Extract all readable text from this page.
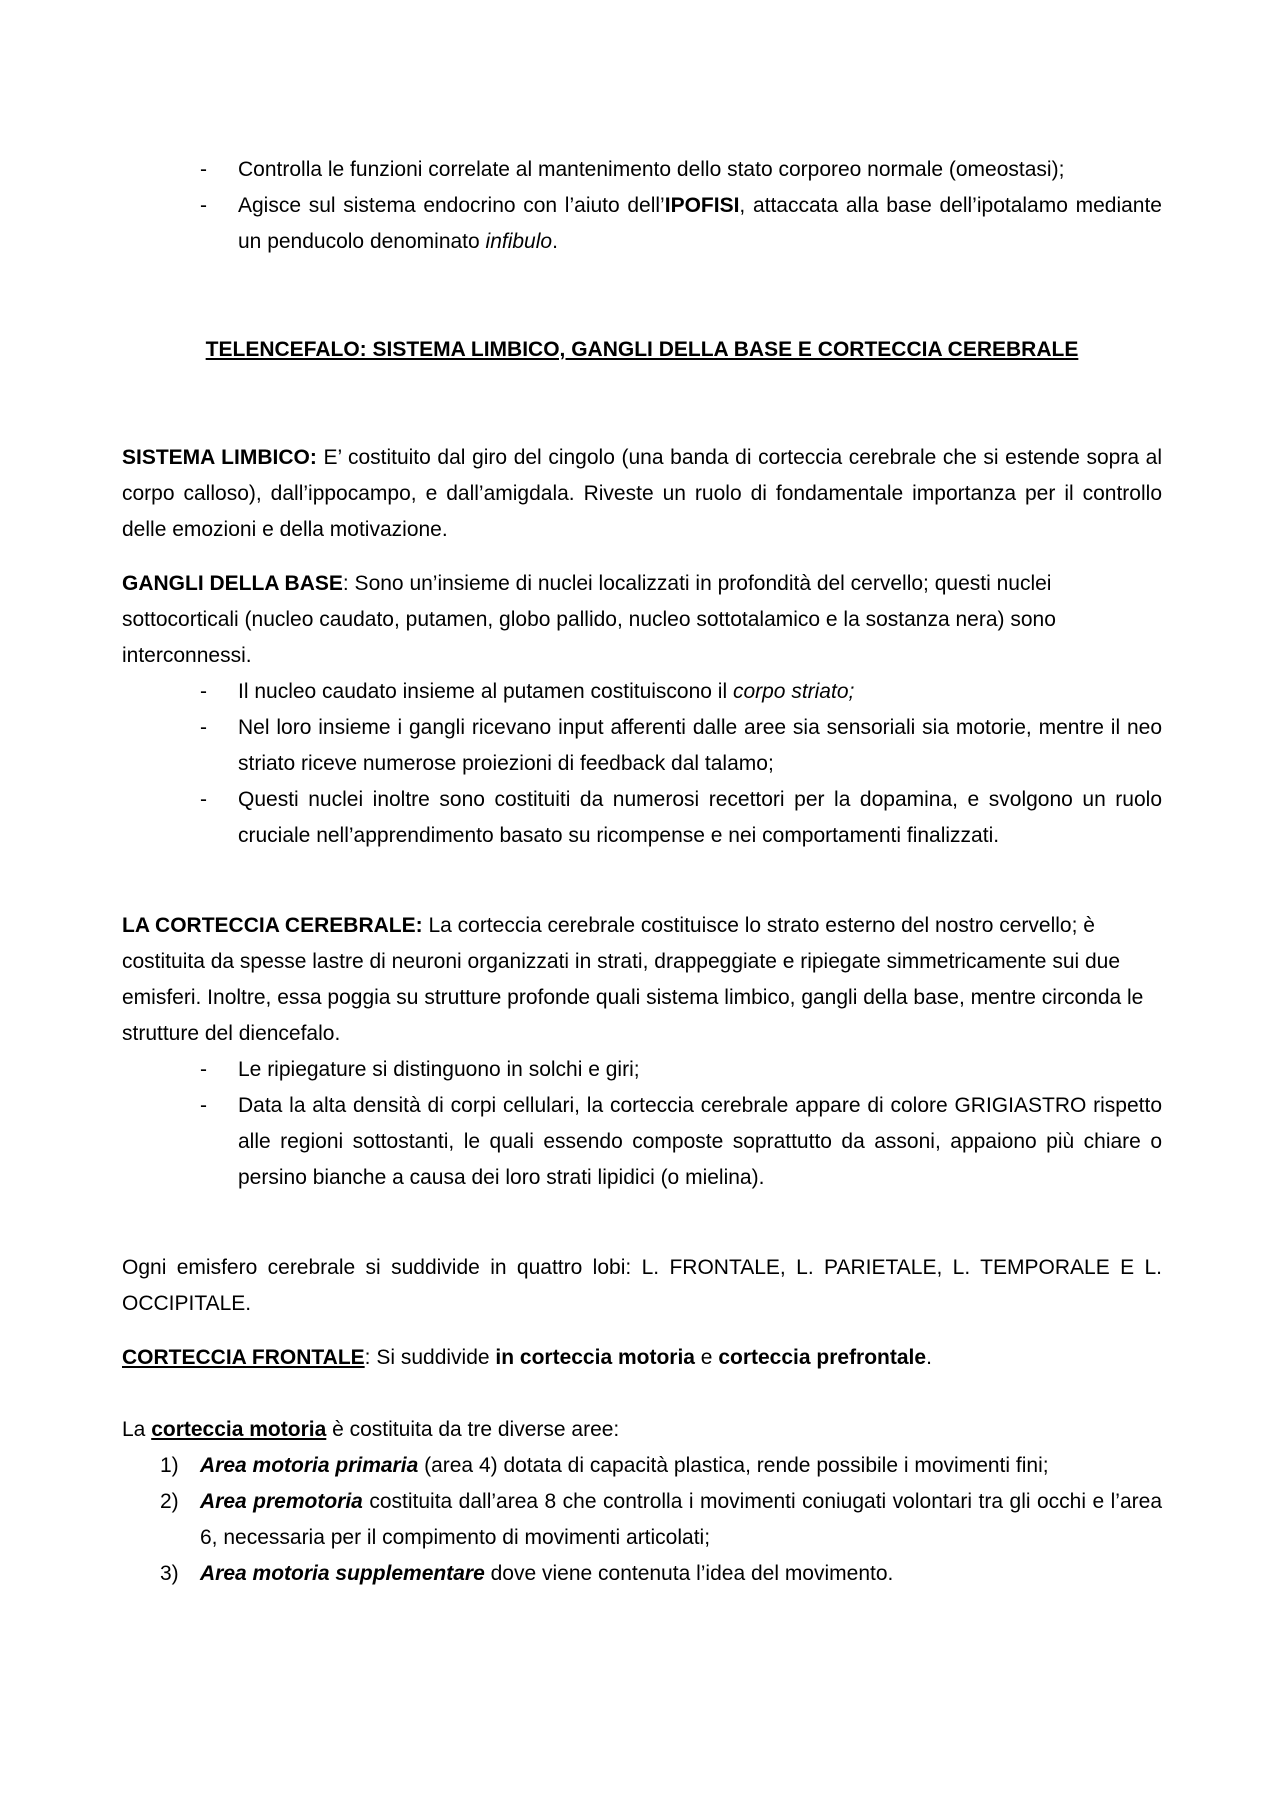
- Controlla le funzioni correlate al mantenimento dello stato corporeo normale (omeostasi);
- Agisce sul sistema endocrino con l’aiuto dell’IPOFISI, attaccata alla base dell’ipotalamo mediante un penducolo denominato infibulo.
TELENCEFALO: SISTEMA LIMBICO, GANGLI DELLA BASE E CORTECCIA CEREBRALE

SISTEMA LIMBICO: E’ costituito dal giro del cingolo (una banda di corteccia cerebrale che si estende sopra al corpo calloso), dall’ippocampo, e dall’amigdala. Riveste un ruolo di fondamentale importanza per il controllo delle emozioni e della motivazione.

GANGLI DELLA BASE: Sono un’insieme di nuclei localizzati in profondità del cervello; questi nuclei sottocorticali (nucleo caudato, putamen, globo pallido, nucleo sottotalamico e la sostanza nera) sono interconnessi.

- Il nucleo caudato insieme al putamen costituiscono il corpo striato;
- Nel loro insieme i gangli ricevano input afferenti dalle aree sia sensoriali sia motorie, mentre il neo striato riceve numerose proiezioni di feedback dal talamo;
- Questi nuclei inoltre sono costituiti da numerosi recettori per la dopamina, e svolgono un ruolo cruciale nell’apprendimento basato su ricompense e nei comportamenti finalizzati.

LA CORTECCIA CEREBRALE: La corteccia cerebrale costituisce lo strato esterno del nostro cervello; è costituita da spesse lastre di neuroni organizzati in strati, drappeggiate e ripiegate simmetricamente sui due emisferi. Inoltre, essa poggia su strutture profonde quali sistema limbico, gangli della base, mentre circonda le strutture del diencefalo.

- Le ripiegature si distinguono in solchi e giri;
- Data la alta densità di corpi cellulari, la corteccia cerebrale appare di colore GRIGIASTRO rispetto alle regioni sottostanti, le quali essendo composte soprattutto da assoni, appaiono più chiare o persino bianche a causa dei loro strati lipidici (o mielina).
Ogni emisfero cerebrale si suddivide in quattro lobi: L. FRONTALE, L. PARIETALE, L. TEMPORALE E L. OCCIPITALE.

CORTECCIA FRONTALE: Si suddivide in corteccia motoria e corteccia prefrontale.

La corteccia motoria è costituita da tre diverse aree:

1) Area motoria primaria (area 4) dotata di capacità plastica, rende possibile i movimenti fini;
2) Area premotoria costituita dall’area 8 che controlla i movimenti coniugati volontari tra gli occhi e l’area 6, necessaria per il compimento di movimenti articolati;
3) Area motoria supplementare dove viene contenuta l’idea del movimento.
